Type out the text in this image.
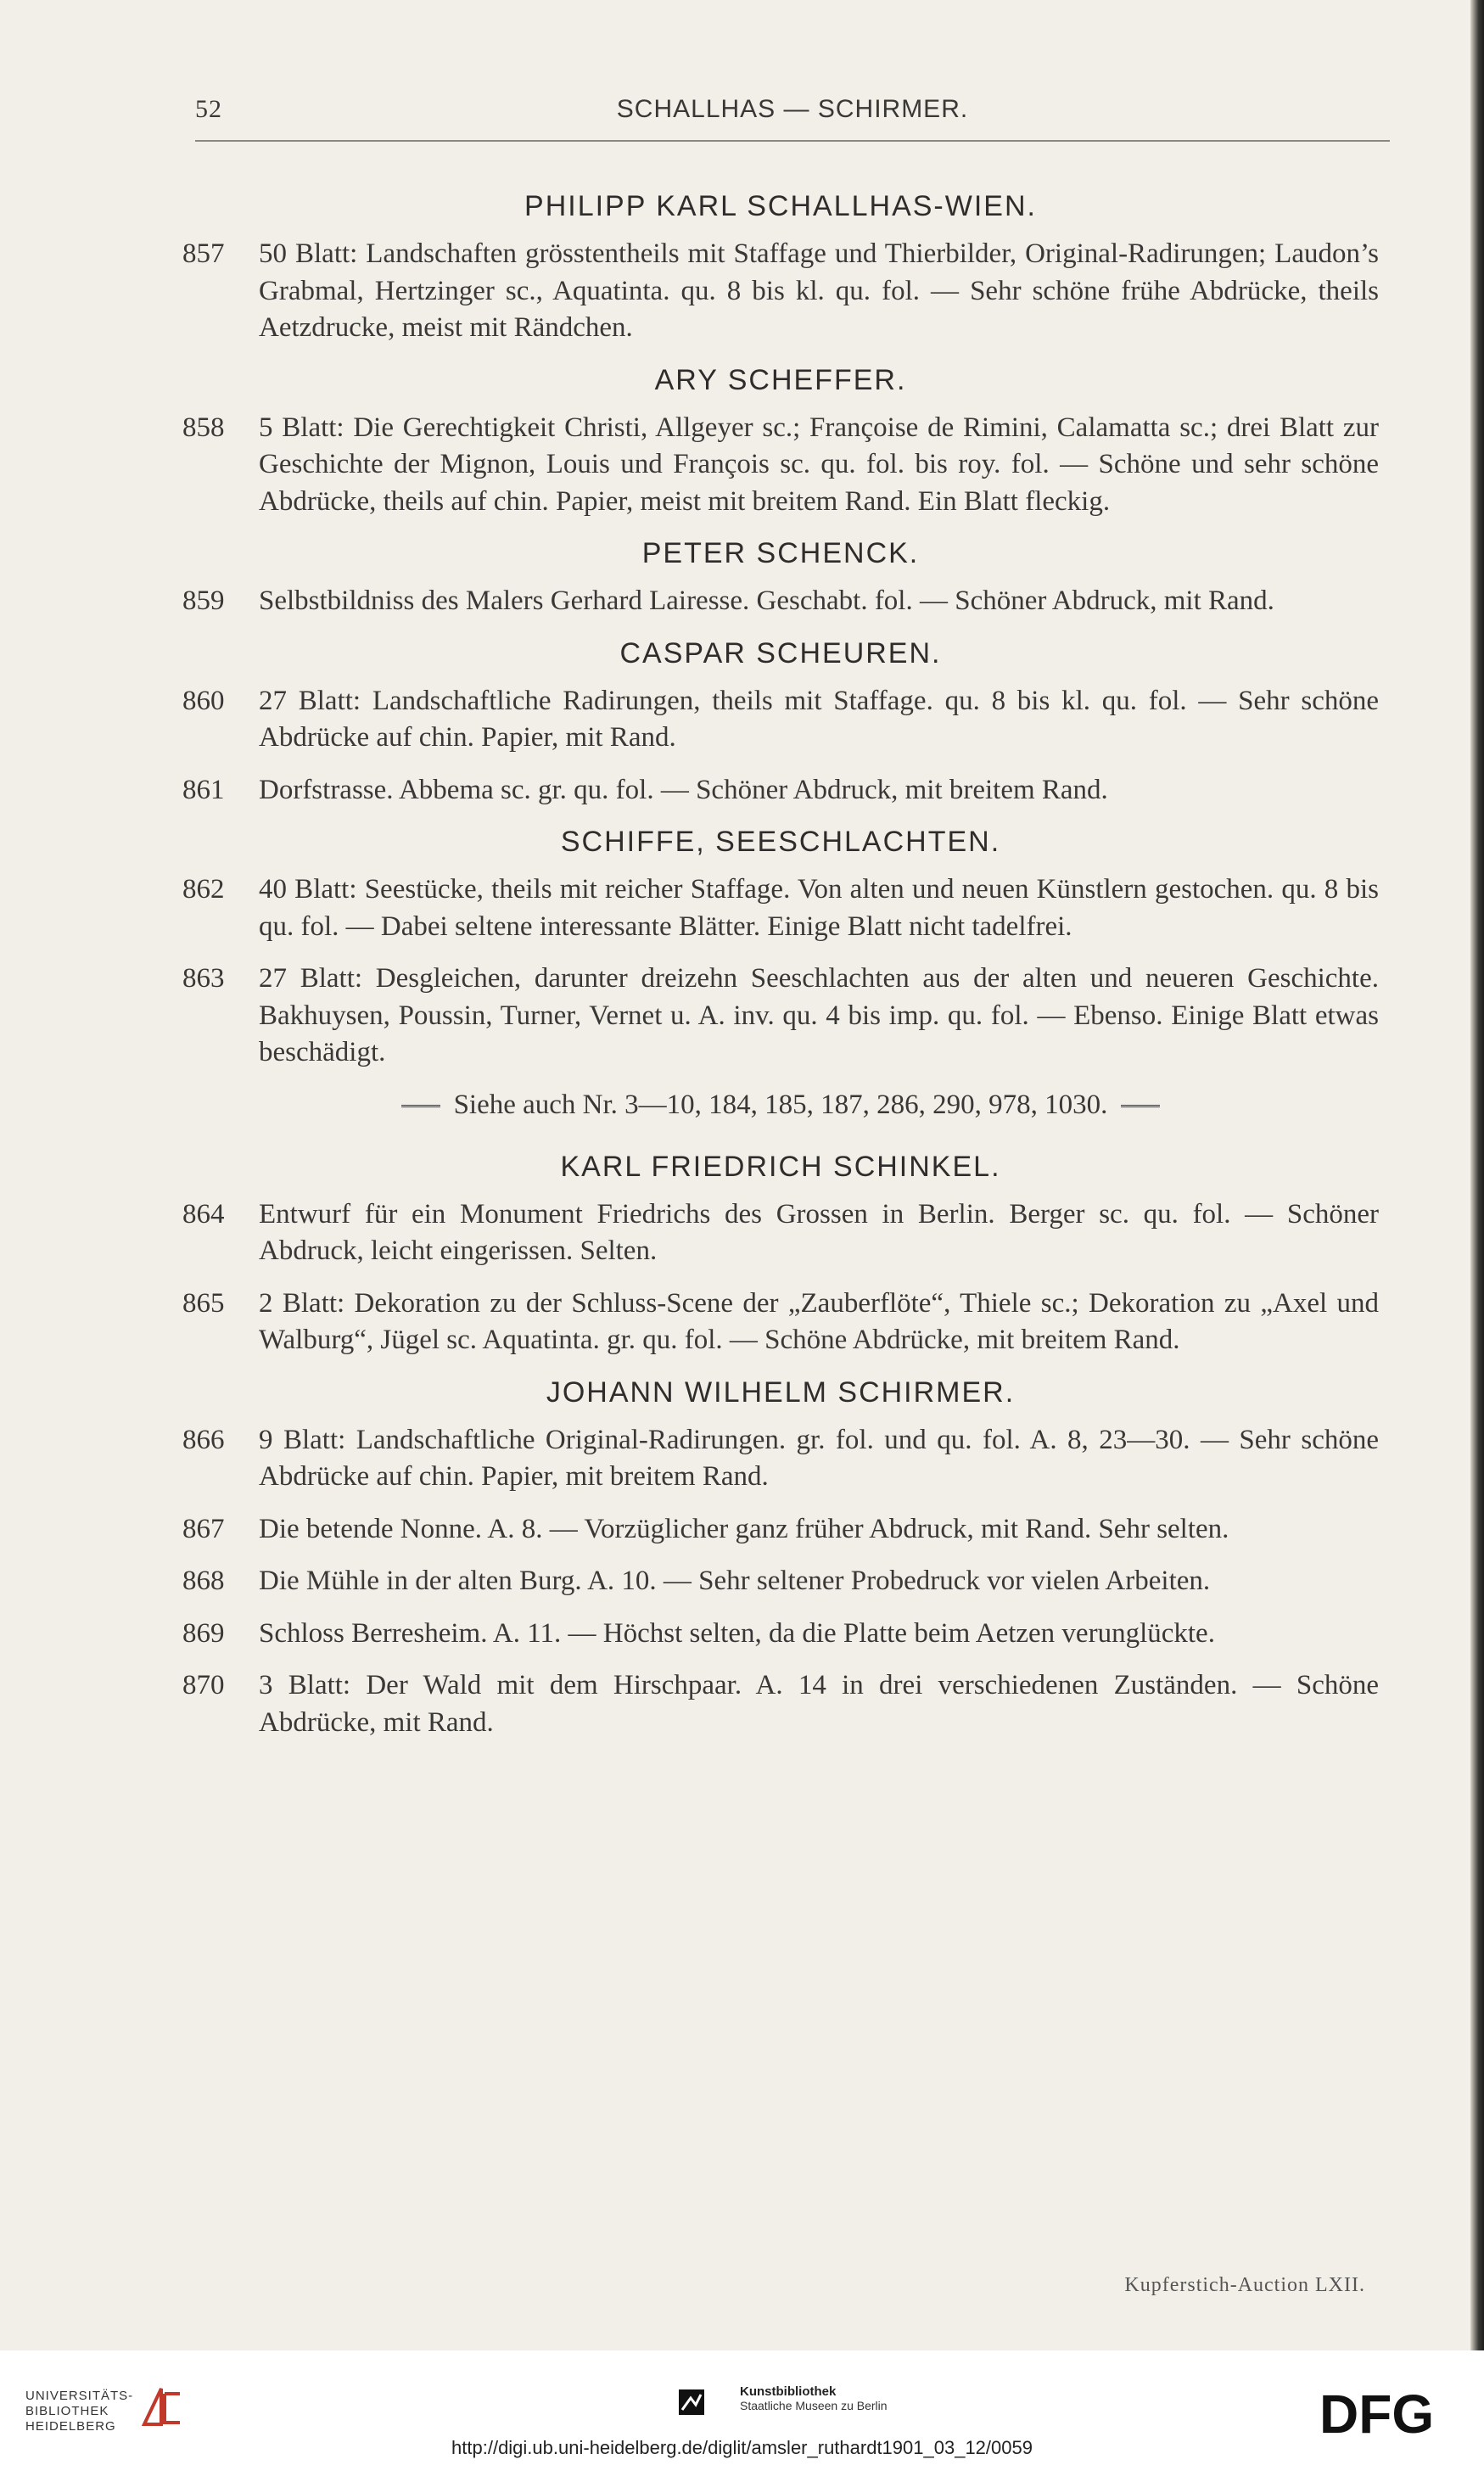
52	SCHALLHAS — SCHIRMER.
PHILIPP KARL SCHALLHAS-WIEN.
857 50 Blatt: Landschaften grösstentheils mit Staffage und Thierbilder, Original-Radirungen; Laudon’s Grabmal, Hertzinger sc., Aquatinta. qu. 8 bis kl. qu. fol. — Sehr schöne frühe Abdrücke, theils Aetzdrucke, meist mit Rändchen.
ARY SCHEFFER.
858 5 Blatt: Die Gerechtigkeit Christi, Allgeyer sc.; Françoise de Rimini, Calamatta sc.; drei Blatt zur Geschichte der Mignon, Louis und François sc. qu. fol. bis roy. fol. — Schöne und sehr schöne Abdrücke, theils auf chin. Papier, meist mit breitem Rand. Ein Blatt fleckig.
PETER SCHENCK.
859 Selbstbildniss des Malers Gerhard Lairesse. Geschabt. fol. — Schöner Abdruck, mit Rand.
CASPAR SCHEUREN.
860 27 Blatt: Landschaftliche Radirungen, theils mit Staffage. qu. 8 bis kl. qu. fol. — Sehr schöne Abdrücke auf chin. Papier, mit Rand.
861 Dorfstrasse. Abbema sc. gr. qu. fol. — Schöner Abdruck, mit breitem Rand.
SCHIFFE, SEESCHLACHTEN.
862 40 Blatt: Seestücke, theils mit reicher Staffage. Von alten und neuen Künstlern gestochen. qu. 8 bis qu. fol. — Dabei seltene interessante Blätter. Einige Blatt nicht tadelfrei.
863 27 Blatt: Desgleichen, darunter dreizehn Seeschlachten aus der alten und neueren Geschichte. Bakhuysen, Poussin, Turner, Vernet u. A. inv. qu. 4 bis imp. qu. fol. — Ebenso. Einige Blatt etwas beschädigt.
Siehe auch Nr. 3—10, 184, 185, 187, 286, 290, 978, 1030.
KARL FRIEDRICH SCHINKEL.
864 Entwurf für ein Monument Friedrichs des Grossen in Berlin. Berger sc. qu. fol. — Schöner Abdruck, leicht eingerissen. Selten.
865 2 Blatt: Dekoration zu der Schluss-Scene der „Zauberflöte“, Thiele sc.; Dekoration zu „Axel und Walburg“, Jügel sc. Aquatinta. gr. qu. fol. — Schöne Abdrücke, mit breitem Rand.
JOHANN WILHELM SCHIRMER.
866 9 Blatt: Landschaftliche Original-Radirungen. gr. fol. und qu. fol. A. 8, 23—30. — Sehr schöne Abdrücke auf chin. Papier, mit breitem Rand.
867 Die betende Nonne. A. 8. — Vorzüglicher ganz früher Abdruck, mit Rand. Sehr selten.
868 Die Mühle in der alten Burg. A. 10. — Sehr seltener Probedruck vor vielen Arbeiten.
869 Schloss Berresheim. A. 11. — Höchst selten, da die Platte beim Aetzen verunglückte.
870 3 Blatt: Der Wald mit dem Hirschpaar. A. 14 in drei verschiedenen Zuständen. — Schöne Abdrücke, mit Rand.
Kupferstich-Auction LXII.
UNIVERSITÄTS-
BIBLIOTHEK
HEIDELBERG
Kunstbibliothek
Staatliche Museen zu Berlin	DFG
http://digi.ub.uni-heidelberg.de/diglit/amsler_ruthardt1901_03_12/0059
